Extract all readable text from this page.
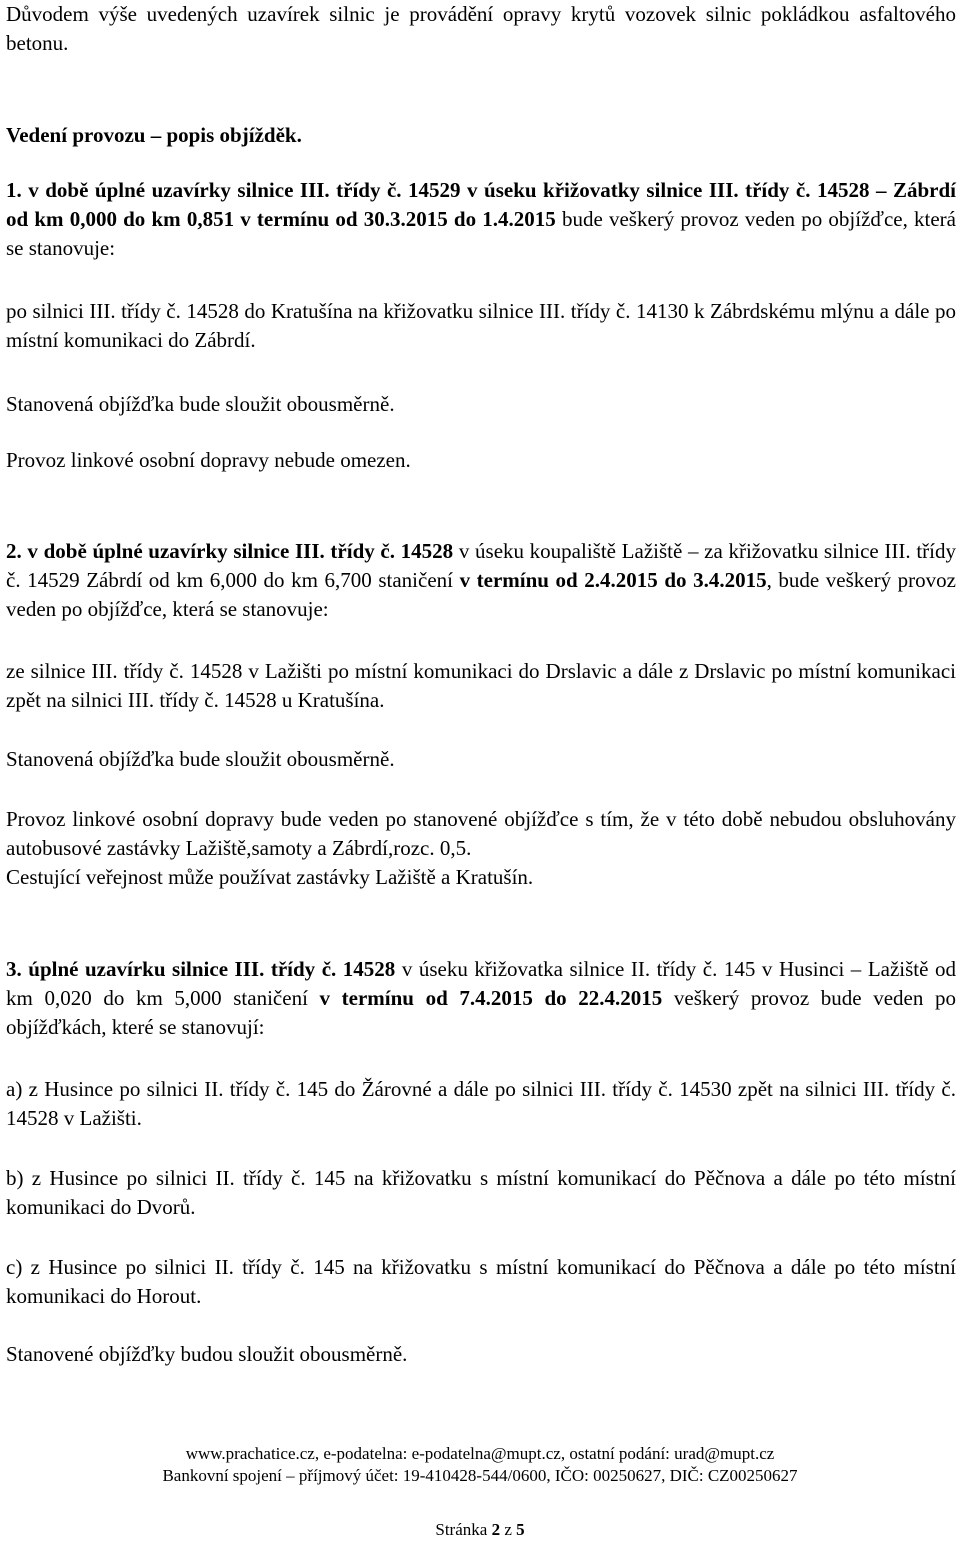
Důvodem výše uvedených uzavírek silnic je provádění opravy krytů vozovek silnic pokládkou asfaltového betonu.

Vedení provozu – popis objížděk.

1. v době úplné uzavírky silnice III. třídy č. 14529 v úseku křižovatky silnice III. třídy č. 14528 – Zábrdí od km 0,000 do km 0,851 v termínu od 30.3.2015 do 1.4.2015 bude veškerý provoz veden po objížďce, která se stanovuje:

po silnici III. třídy č. 14528 do Kratušína na křižovatku silnice III. třídy č. 14130 k Zábrdskému mlýnu a dále po místní komunikaci do Zábrdí.

Stanovená objížďka bude sloužit obousměrně.

Provoz linkové osobní dopravy nebude omezen.

2. v době úplné uzavírky silnice III. třídy č. 14528 v úseku koupaliště Lažiště – za křižovatku silnice III. třídy č. 14529 Zábrdí od km 6,000 do km 6,700 staničení v termínu od 2.4.2015 do 3.4.2015, bude veškerý provoz veden po objížďce, která se stanovuje:

ze silnice III. třídy č. 14528 v Lažišti po místní komunikaci do Drslavic a dále z Drslavic po místní komunikaci zpět na silnici III. třídy č. 14528 u Kratušína.

Stanovená objížďka bude sloužit obousměrně.

Provoz linkové osobní dopravy bude veden po stanovené objížďce s tím, že v této době nebudou obsluhovány autobusové zastávky Lažiště,samoty a Zábrdí,rozc. 0,5.
Cestující veřejnost může používat zastávky Lažiště a Kratušín.

3. úplné uzavírku silnice III. třídy č. 14528 v úseku křižovatka silnice II. třídy č. 145 v Husinci – Lažiště od km 0,020 do km 5,000 staničení v termínu od 7.4.2015 do 22.4.2015 veškerý provoz bude veden po objížďkách, které se stanovují:

a) z Husince po silnici II. třídy č. 145 do Žárovné a dále po silnici III. třídy č. 14530 zpět na silnici III. třídy č. 14528 v Lažišti.

b) z Husince po silnici II. třídy č. 145 na křižovatku s místní komunikací do Pěčnova a dále po této místní komunikaci do Dvorů.

c) z Husince po silnici II. třídy č. 145 na křižovatku s místní komunikací do Pěčnova a dále po této místní komunikaci do Horout.

Stanovené objížďky budou sloužit obousměrně.

www.prachatice.cz, e-podatelna: e-podatelna@mupt.cz, ostatní podání: urad@mupt.cz
Bankovní spojení – příjmový účet: 19-410428-544/0600, IČO: 00250627, DIČ: CZ00250627
Stránka 2 z 5
